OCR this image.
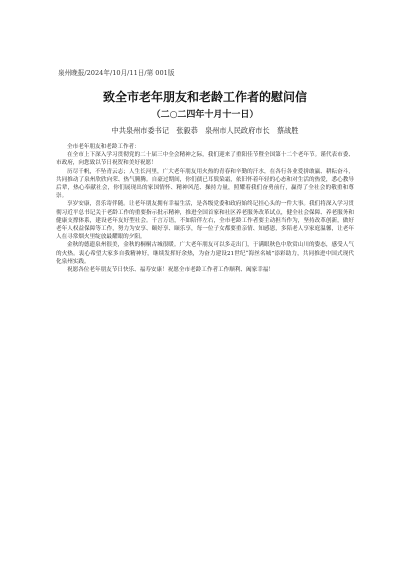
泉州晚报/2024年/10月/11日/第 001版
致全市老年朋友和老龄工作者的慰问信
（二○二四年十月十一日）
中共泉州市委书记　张毅恭　泉州市人民政府市长　蔡战胜

全市老年朋友和老龄工作者：

在全市上下深入学习贯彻党的二十届三中全会精神之际，我们迎来了重阳佳节暨全国第十二个老年节。谨代表市委、市政府，向您致以节日祝贺和美好祝愿！

历尽千帆，不坠青云志；人生长河里，广大老年朋友用火热的青春和辛勤的汗水，在各行各业爱拼敢赢、耕耘奋斗，共同推动了泉州欣欣向荣、热气腾腾。自豪过期间，你们孺已耳鬓染霜，依旧怀着年轻的心态和对生活的热爱，悉心教导后辈，热心奉献社会，你们展现出的家国情怀、精神风范、操持力量，照耀着我们奋勇前行，赢得了全社会的敬重和尊崇。

享岁安康，喜乐寄伴随。让老年朋友拥有幸福生活，是各级党委和政府始终记挂心头的一件大事。我们将深入学习贯彻习近平总书记关于老龄工作的重要指示批示精神，推进全国首家和社区养老服务改革试点，健全社会保障、养老服务和健康支撑体系，建设老年友好型社会。千言万语，不如陪伴左右，全市老龄工作者要主动担当作为，坚持改革创新，做好老年人权益保障等工作，努力为安享、颐好享、颐乐享，每一位子女都要重亲情、知感恩，多陪老人享家庭温馨，让老年人在寻常烟火里绽放最耀眼的夕阳。

金秋的德遗泉州很美，金秋的桐桐古城很暖。广大老年朋友可以多走出门，于满眼秋色中欣赏山川的姿态，感受人气的火热。衷心希望大家多自我精神好，继续发挥好余热，为奋力建设21世纪“海丝名城”添彩助力，共同推进中国式现代化泉州实践。

祝愿各位老年朋友节日快乐、福寿安康！祝愿全市老龄工作者工作顺利、阖家幸福！
